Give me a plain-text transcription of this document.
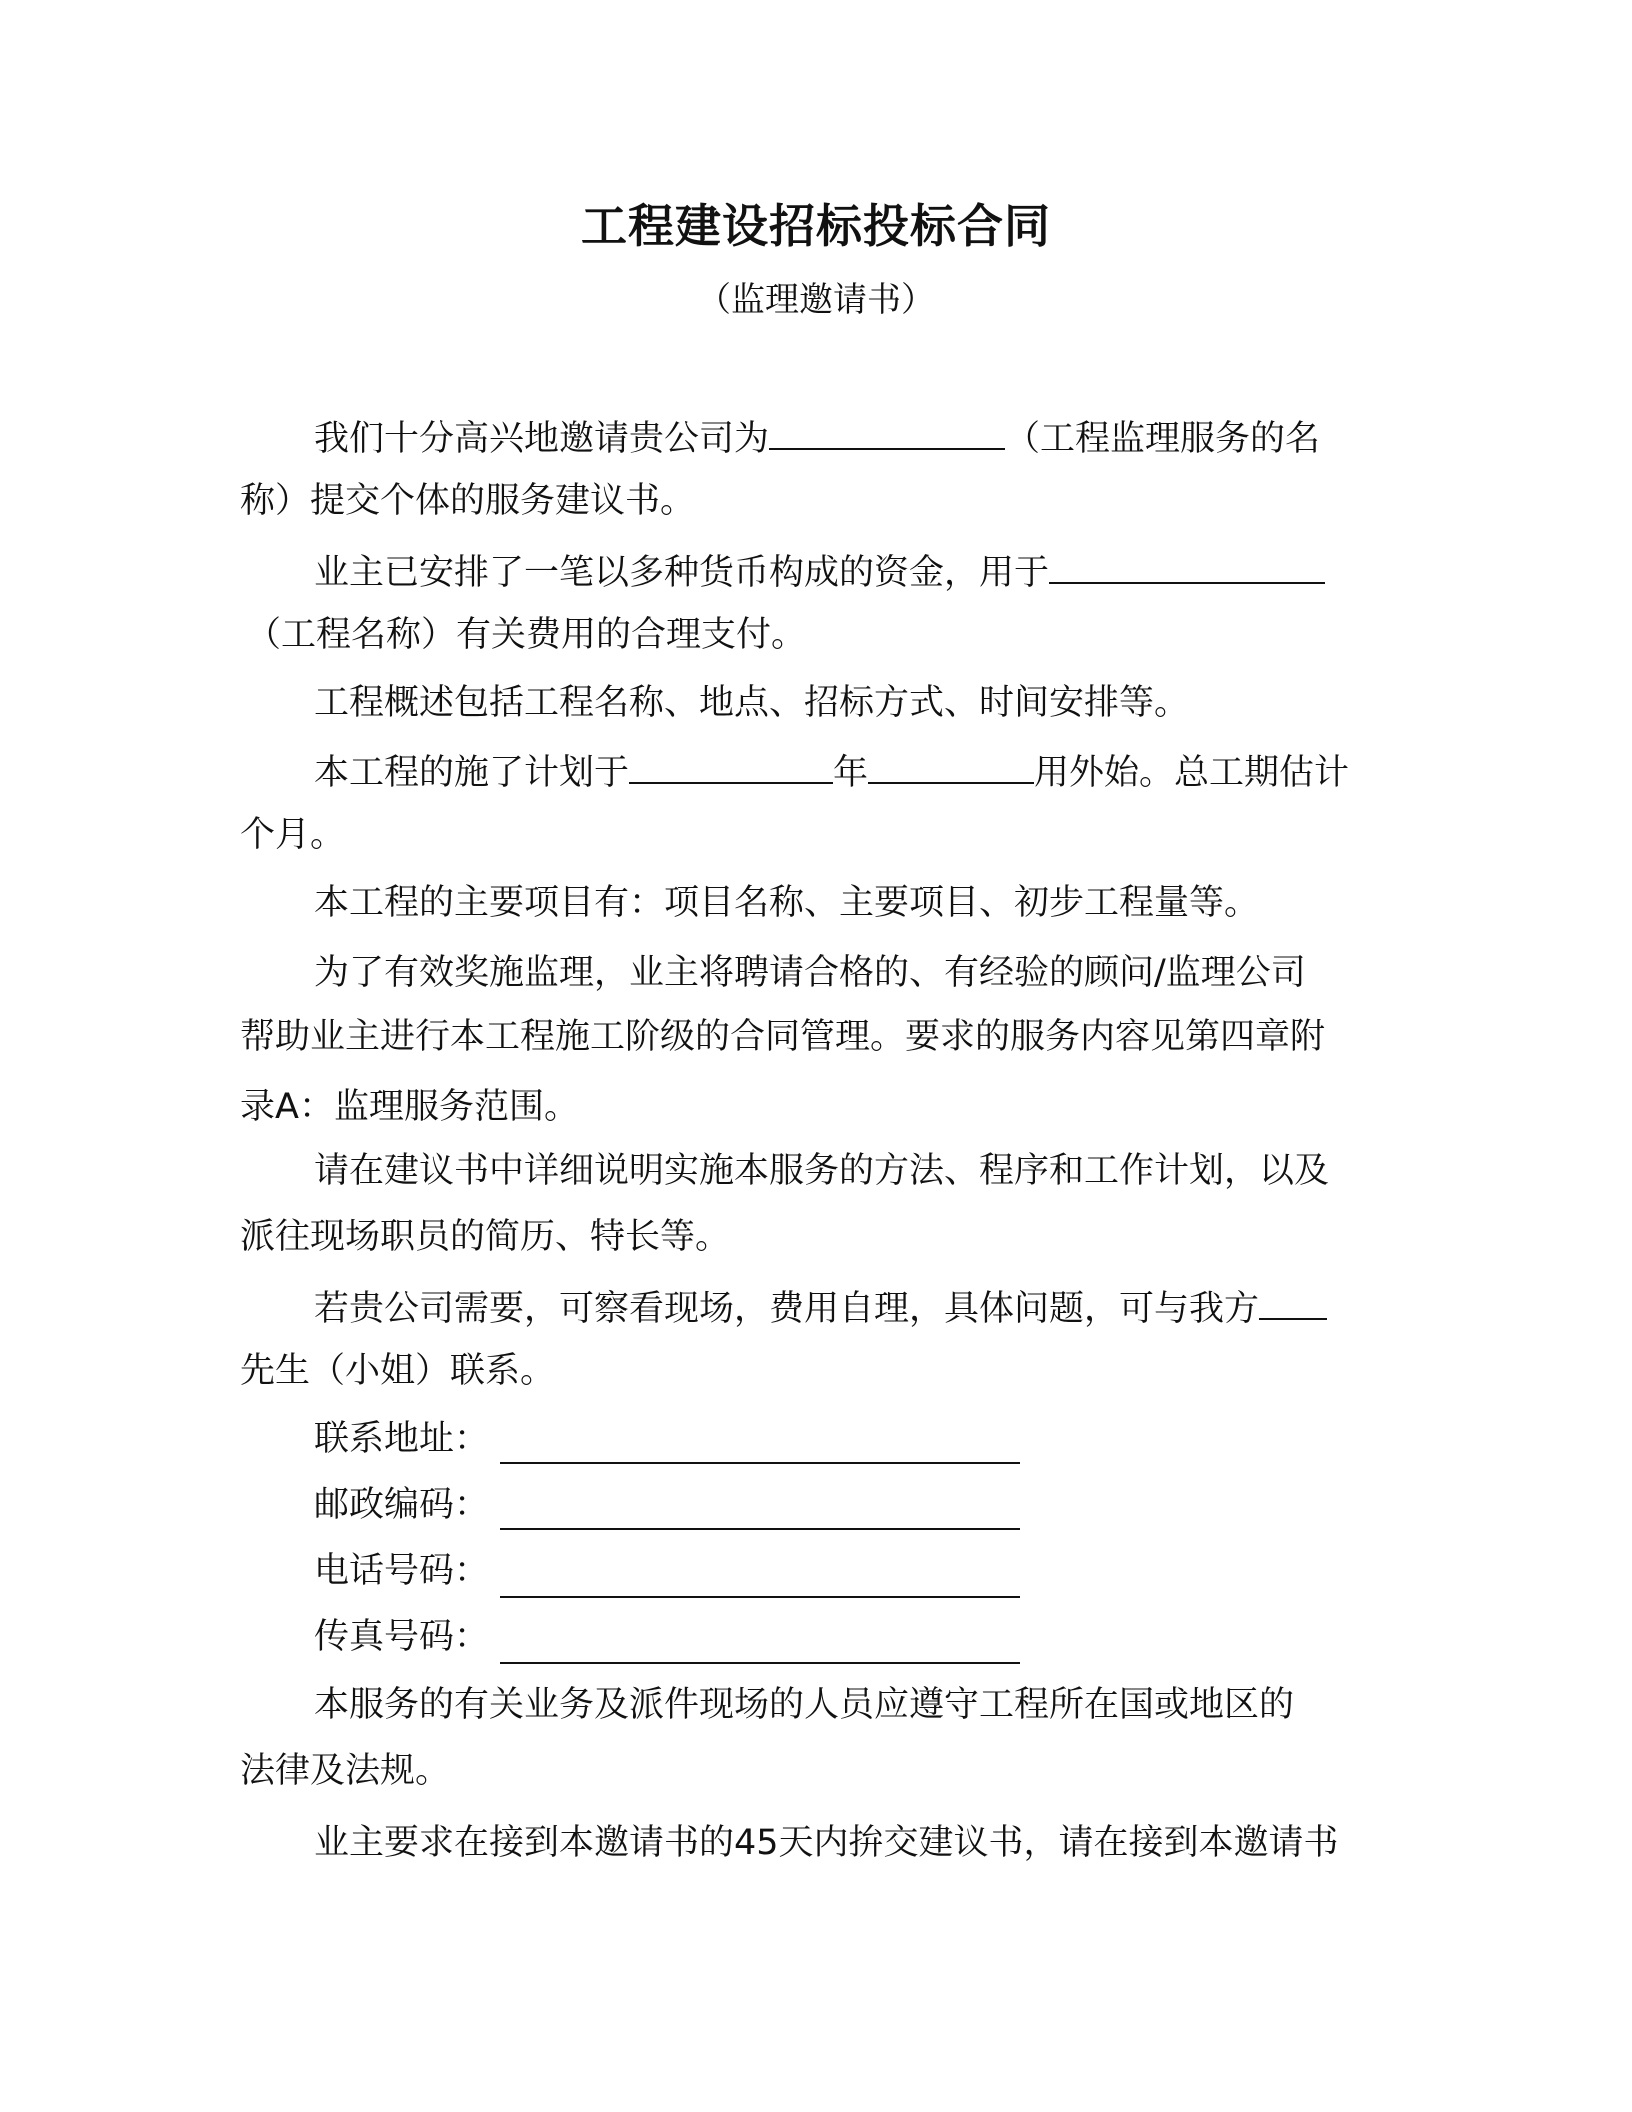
工程建设招标投标合同
（监理邀请书）
我们十分高兴地邀请贵公司为	（工程监理服务的名
称）提交个体的服务建议书。
业主已安排了一笔以多种货币构成的资金，用于
（工程名称）有关费用的合理支付。
工程概述包括工程名称、地点、招标方式、时间安排等。
本工程的施了计划于	年	用外始。总工期估计
个月。
本工程的主要项目有：项目名称、主要项目、初步工程量等。
为了有效奖施监理，业主将聘请合格的、有经验的顾问/监理公司
帮助业主进行本工程施工阶级的合同管理。要求的服务内容见第四章附
录A：监理服务范围。
请在建议书中详细说明实施本服务的方法、程序和工作计划，以及
派往现场职员的简历、特长等。
若贵公司需要，可察看现场，费用自理，具体问题，可与我方
先生（小姐）联系。
联系地址：
邮政编码：
电话号码：
传真号码：
本服务的有关业务及派件现场的人员应遵守工程所在国或地区的
法律及法规。
业主要求在接到本邀请书的45天内拚交建议书，请在接到本邀请书
